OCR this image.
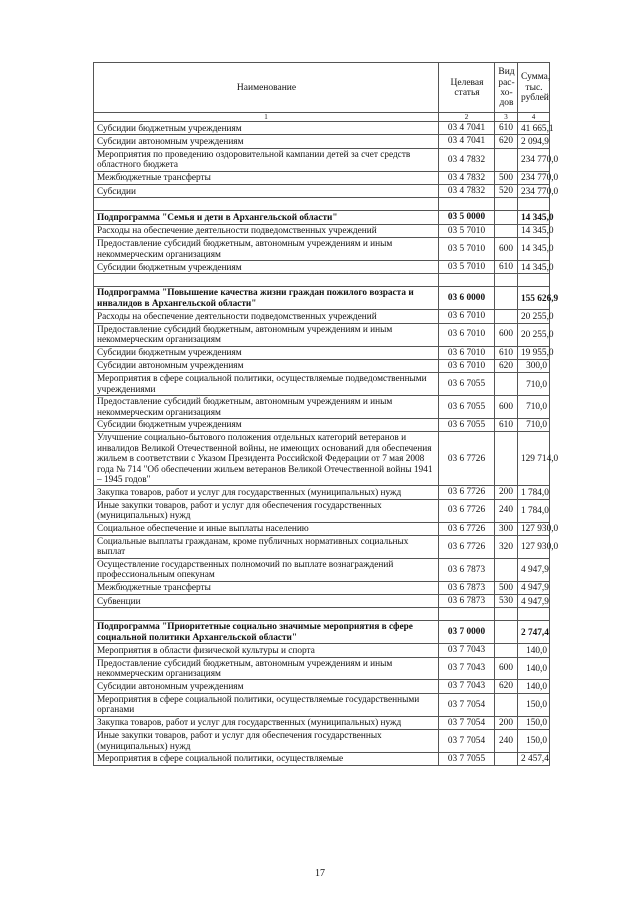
Наименование	Целевая статья	Вид рас- хо- дов	Сумма, тыс. рублей
1	2	3	4
Субсидии бюджетным учреждениям	03 4 7041	610	41 665,1
Субсидии автономным учреждениям	03 4 7041	620	2 094,9
Мероприятия по проведению оздоровительной кампании детей за счет средств областного бюджета	03 4 7832		234 770,0
Межбюджетные трансферты	03 4 7832	500	234 770,0
Субсидии	03 4 7832	520	234 770,0

Подпрограмма "Семья и дети в Архангельской области"	03 5 0000		14 345,0
Расходы на обеспечение деятельности подведомственных учреждений	03 5 7010		14 345,0
Предоставление субсидий бюджетным, автономным учреждениям и иным некоммерческим организациям	03 5 7010	600	14 345,0
Субсидии бюджетным учреждениям	03 5 7010	610	14 345,0

Подпрограмма "Повышение качества жизни граждан пожилого возраста и инвалидов в Архангельской области"	03 6 0000		155 626,9
Расходы на обеспечение деятельности подведомственных учреждений	03 6 7010		20 255,0
Предоставление субсидий бюджетным, автономным учреждениям и иным некоммерческим организациям	03 6 7010	600	20 255,0
Субсидии бюджетным учреждениям	03 6 7010	610	19 955,0
Субсидии автономным учреждениям	03 6 7010	620	300,0
Мероприятия в сфере социальной политики, осуществляемые подведомственными учреждениями	03 6 7055		710,0
Предоставление субсидий бюджетным, автономным учреждениям и иным некоммерческим организациям	03 6 7055	600	710,0
Субсидии бюджетным учреждениям	03 6 7055	610	710,0
Улучшение социально-бытового положения отдельных категорий ветеранов и инвалидов Великой Отечественной войны, не имеющих оснований для обеспечения жильем в соответствии с Указом Президента Российской Федерации от 7 мая 2008 года № 714 "Об обеспечении жильем ветеранов Великой Отечественной войны 1941 – 1945 годов"	03 6 7726		129 714,0
Закупка товаров, работ и услуг для государственных (муниципальных) нужд	03 6 7726	200	1 784,0
Иные закупки товаров, работ и услуг для обеспечения государственных (муниципальных) нужд	03 6 7726	240	1 784,0
Социальное обеспечение и иные выплаты населению	03 6 7726	300	127 930,0
Социальные выплаты гражданам, кроме публичных нормативных социальных выплат	03 6 7726	320	127 930,0
Осуществление государственных полномочий по выплате вознаграждений профессиональным опекунам	03 6 7873		4 947,9
Межбюджетные трансферты	03 6 7873	500	4 947,9
Субвенции	03 6 7873	530	4 947,9

Подпрограмма "Приоритетные социально значимые мероприятия в сфере социальной политики Архангельской области"	03 7 0000		2 747,4
Мероприятия в области физической культуры и спорта	03 7 7043		140,0
Предоставление субсидий бюджетным, автономным учреждениям и иным некоммерческим организациям	03 7 7043	600	140,0
Субсидии автономным учреждениям	03 7 7043	620	140,0
Мероприятия в сфере социальной политики, осуществляемые государственными органами	03 7 7054		150,0
Закупка товаров, работ и услуг для государственных (муниципальных) нужд	03 7 7054	200	150,0
Иные закупки товаров, работ и услуг для обеспечения государственных (муниципальных) нужд	03 7 7054	240	150,0
Мероприятия в сфере социальной политики, осуществляемые	03 7 7055		2 457,4
17
